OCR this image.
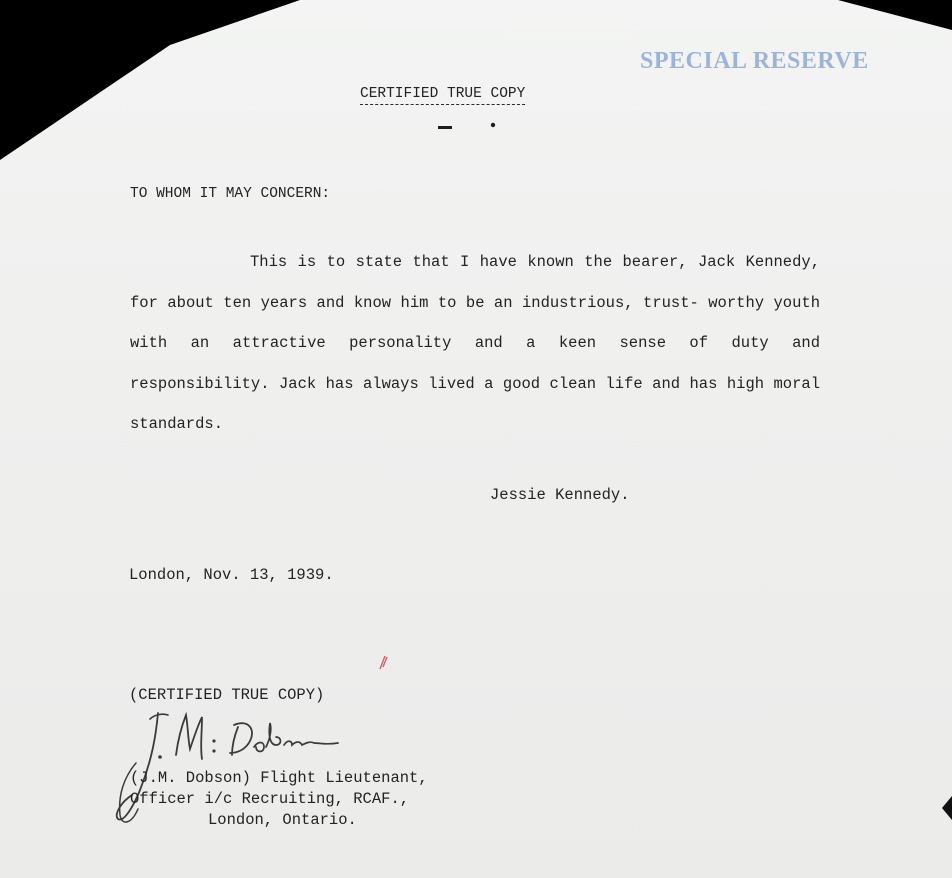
SPECIAL RESERVE
CERTIFIED TRUE COPY
TO WHOM IT MAY CONCERN:
This is to state that I have known the bearer, Jack Kennedy, for about ten years and know him to be an industrious, trust- worthy youth with an attractive personality and a keen sense of duty and responsibility. Jack has always lived a good clean life and has high moral standards.
Jessie Kennedy.
London, Nov. 13, 1939.
(CERTIFIED TRUE COPY)
(J.M. Dobson) Flight Lieutenant,
Officer i/c Recruiting, RCAF.,
London, Ontario.
